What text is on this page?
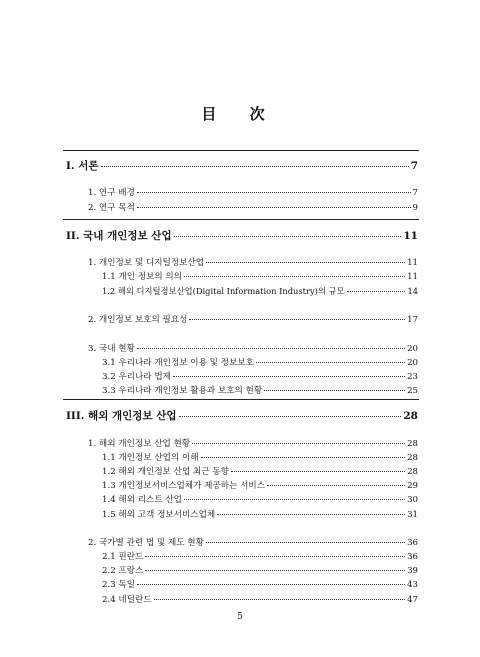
目 次
I. 서론	7
1. 연구 배경	7
2. 연구 목적	9
II. 국내 개인정보 산업	11
1. 개인정보 및 디지털정보산업	11
1.1 개인 정보의 의의	11
1.2 해외 디지털정보산업(Digital Information Industry)의 규모	14
2. 개인정보 보호의 필요성	17
3. 국내 현황	20
3.1 우리나라 개인정보 이용 및 정보보호	20
3.2 우리나라 법제	23
3.3 우리나라 개인정보 활용과 보호의 현황	25
III. 해외 개인정보 산업	28
1. 해외 개인정보 산업 현황	28
1.1 개인정보 산업의 이해	28
1.2 해외 개인정보 산업 최근 동향	28
1.3 개인정보서비스업체가 제공하는 서비스	29
1.4 해외 리스트 산업	30
1.5 해외 고객 정보서비스업체	31
2. 국가별 관련 법 및 제도 현황	36
2.1 핀란드	36
2.2 프랑스	39
2.3 독일	43
2.4 네덜란드	47
5
